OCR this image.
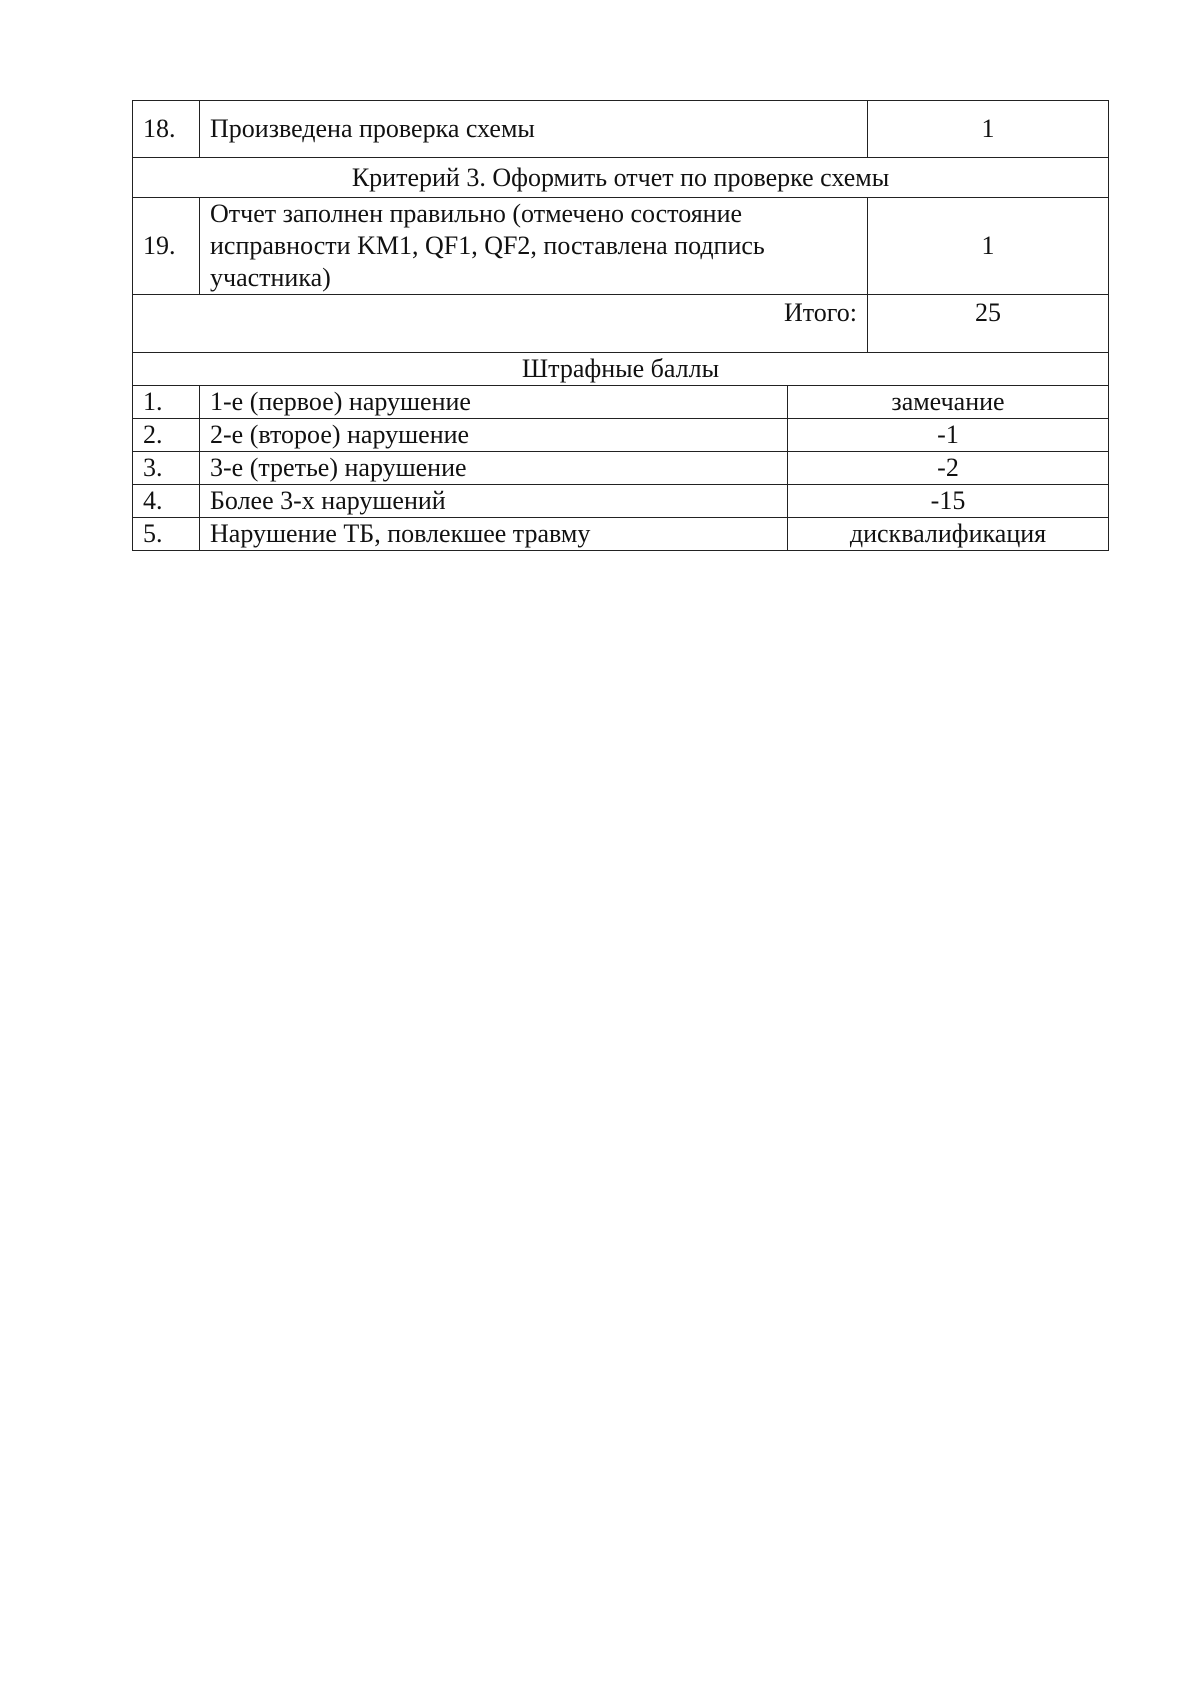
18.	Произведена проверка схемы		1
Критерий 3. Оформить отчет по проверке схемы			
19.	Отчет заполнен правильно (отмечено состояние исправности KM1, QF1, QF2, поставлена подпись участника)		1
Итого:			25
Штрафные баллы			
1.	1-е (первое) нарушение	замечание	
2.	2-е (второе) нарушение	-1	
3.	3-е (третье) нарушение	-2	
4.	Более 3-х нарушений	-15	
5.	Нарушение ТБ, повлекшее травму	дисквалификация	
